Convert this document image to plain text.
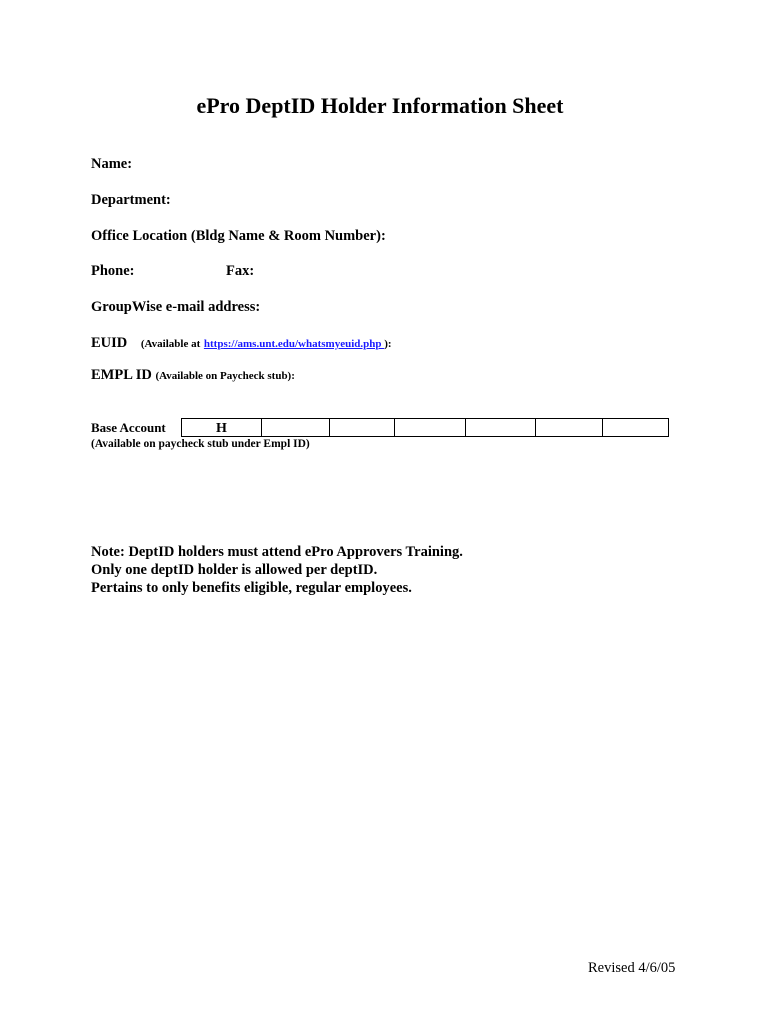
ePro DeptID Holder Information Sheet
Name:
Department:
Office Location (Bldg Name & Room Number):
Phone:	Fax:
GroupWise e-mail address:
EUID (Available at https://ams.unt.edu/whatsmyeuid.php ):
EMPL ID (Available on Paycheck stub):
Base Account	H
(Available on paycheck stub under Empl ID)
Note: DeptID holders must attend ePro Approvers Training.
Only one deptID holder is allowed per deptID.
Pertains to only benefits eligible, regular employees.
Revised 4/6/05
